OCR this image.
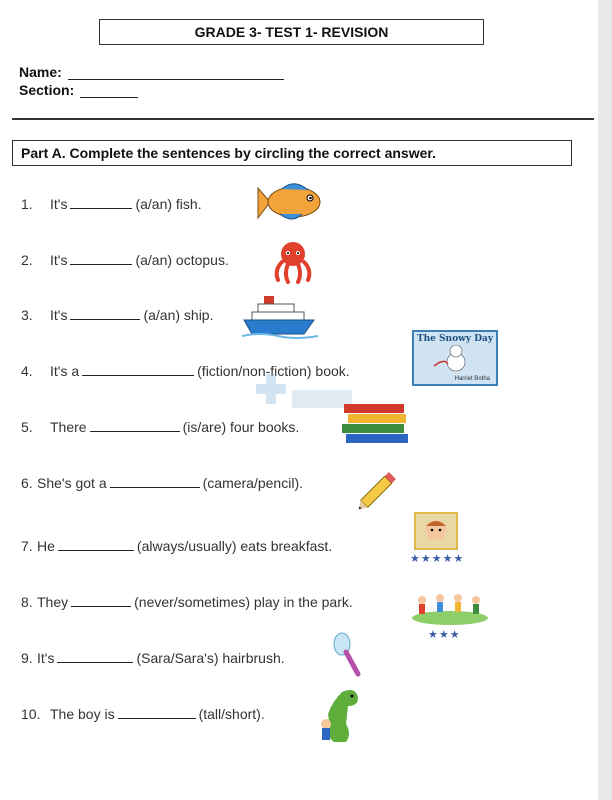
GRADE 3- TEST 1- REVISION
Name:
Section:
Part A. Complete the sentences by circling the correct answer.
1. It's	(a/an) fish.
2. It's	(a/an) octopus.
3. It's	(a/an) ship.
4. It's a	(fiction/non-fiction) book.
5. There	(is/are) four books.
6. She's got a	(camera/pencil).
7. He	(always/usually) eats breakfast.
8. They	(never/sometimes) play in the park.
9. It's	(Sara/Sara's) hairbrush.
10. The boy is	(tall/short).
The Snowy Day
Harriet Botha
★★★★★
★★★
